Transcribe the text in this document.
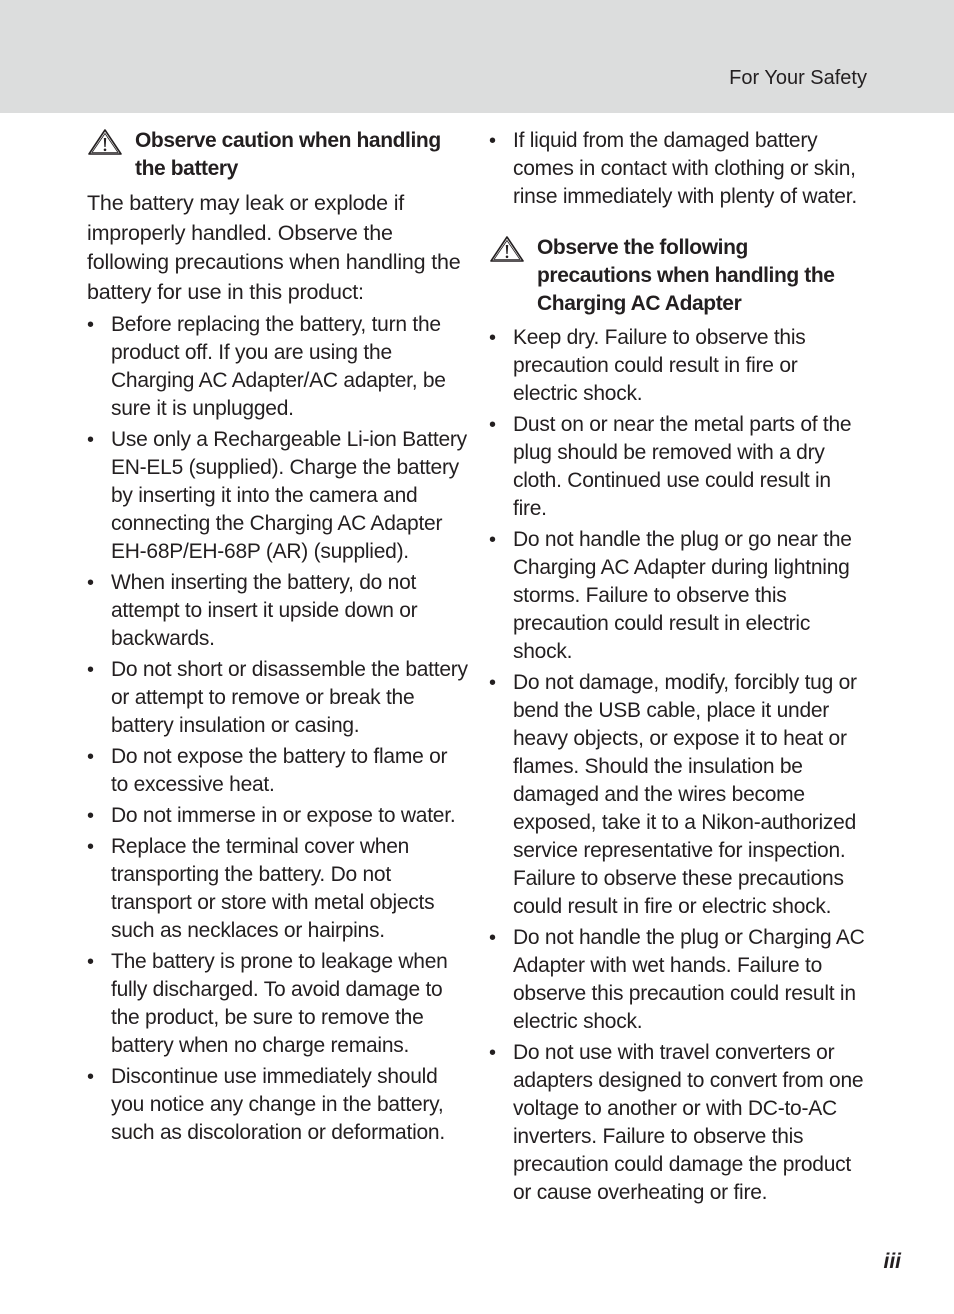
For Your Safety
Observe caution when handling the battery

The battery may leak or explode if improperly handled. Observe the following precautions when handling the battery for use in this product:

• Before replacing the battery, turn the product off. If you are using the Charging AC Adapter/AC adapter, be sure it is unplugged.
• Use only a Rechargeable Li-ion Battery EN-EL5 (supplied). Charge the battery by inserting it into the camera and connecting the Charging AC Adapter EH-68P/EH-68P (AR) (supplied).
• When inserting the battery, do not attempt to insert it upside down or backwards.
• Do not short or disassemble the battery or attempt to remove or break the battery insulation or casing.
• Do not expose the battery to flame or to excessive heat.
• Do not immerse in or expose to water.
• Replace the terminal cover when transporting the battery. Do not transport or store with metal objects such as necklaces or hairpins.
• The battery is prone to leakage when fully discharged. To avoid damage to the product, be sure to remove the battery when no charge remains.
• Discontinue use immediately should you notice any change in the battery, such as discoloration or deformation.
• If liquid from the damaged battery comes in contact with clothing or skin, rinse immediately with plenty of water.
Observe the following precautions when handling the Charging AC Adapter
• Keep dry. Failure to observe this precaution could result in fire or electric shock.
• Dust on or near the metal parts of the plug should be removed with a dry cloth. Continued use could result in fire.
• Do not handle the plug or go near the Charging AC Adapter during lightning storms. Failure to observe this precaution could result in electric shock.
• Do not damage, modify, forcibly tug or bend the USB cable, place it under heavy objects, or expose it to heat or flames. Should the insulation be damaged and the wires become exposed, take it to a Nikon-authorized service representative for inspection. Failure to observe these precautions could result in fire or electric shock.
• Do not handle the plug or Charging AC Adapter with wet hands. Failure to observe this precaution could result in electric shock.
• Do not use with travel converters or adapters designed to convert from one voltage to another or with DC-to-AC inverters. Failure to observe this precaution could damage the product or cause overheating or fire.
iii
